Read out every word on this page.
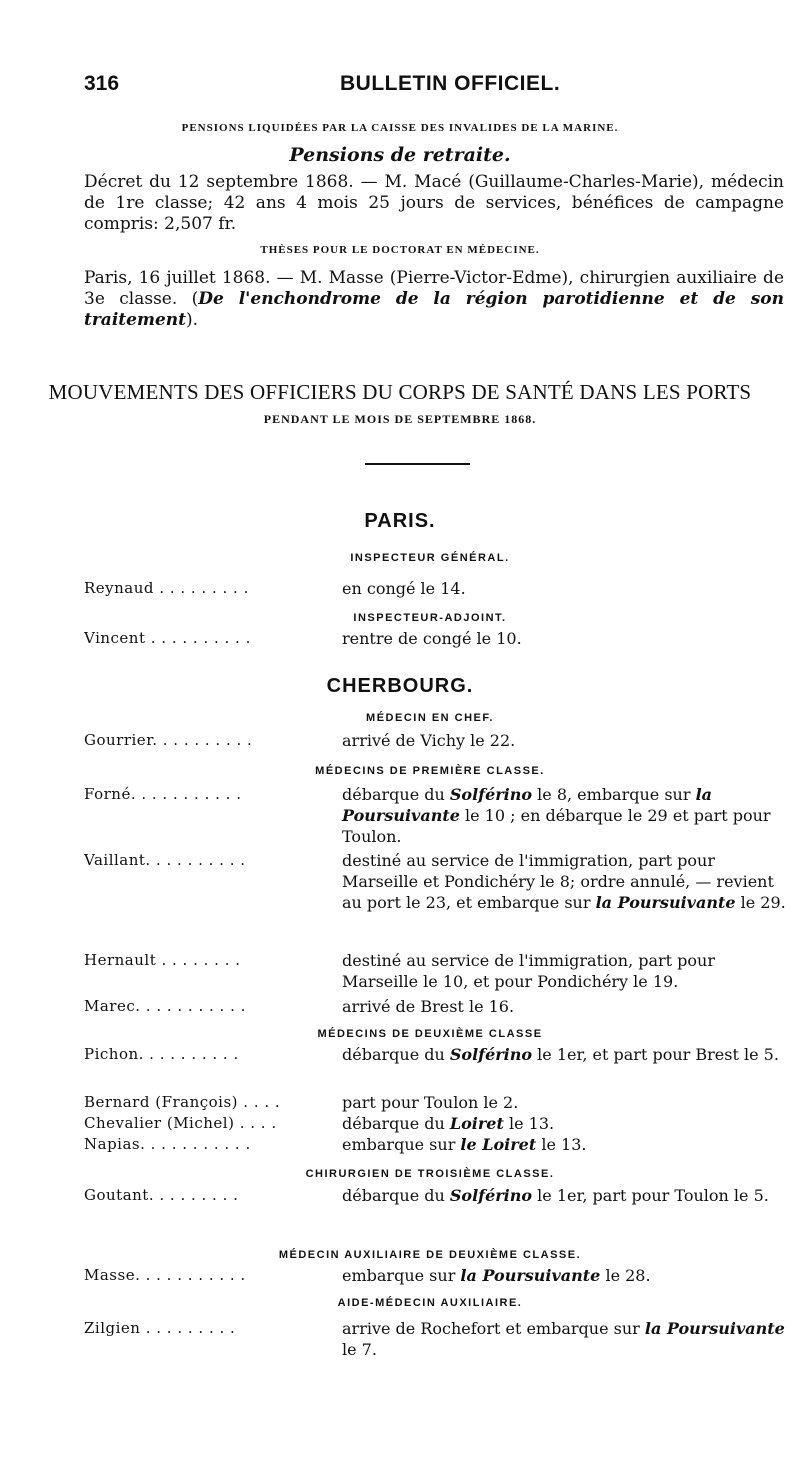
316	BULLETIN OFFICIEL.
PENSIONS LIQUIDÉES PAR LA CAISSE DES INVALIDES DE LA MARINE.
Pensions de retraite.
Décret du 12 septembre 1868. — M. Macé (Guillaume-Charles-Marie), médecin de 1re classe; 42 ans 4 mois 25 jours de services, bénéfices de campagne compris: 2,507 fr.
THÈSES POUR LE DOCTORAT EN MÉDECINE.
Paris, 16 juillet 1868. — M. Masse (Pierre-Victor-Edme), chirurgien auxiliaire de 3e classe. (De l'enchondrome de la région parotidienne et de son traitement).
MOUVEMENTS DES OFFICIERS DU CORPS DE SANTÉ DANS LES PORTS
PENDANT LE MOIS DE SEPTEMBRE 1868.
PARIS.
INSPECTEUR GÉNÉRAL.
Reynaud . . . . . . . . .	en congé le 14.
INSPECTEUR-ADJOINT.
Vincent . . . . . . . . . .	rentre de congé le 10.
CHERBOURG.
MÉDECIN EN CHEF.
Gourrier. . . . . . . . . .	arrivé de Vichy le 22.
MÉDECINS DE PREMIÈRE CLASSE.
Forné. . . . . . . . . . .	débarque du Solférino le 8, embarque sur la Poursuivante le 10 ; en débarque le 29 et part pour Toulon.
Vaillant. . . . . . . . . .	destiné au service de l'immigration, part pour Marseille et Pondichéry le 8; ordre annulé, — revient au port le 23, et embarque sur la Poursuivante le 29.
Hernault . . . . . . . .	destiné au service de l'immigration, part pour Marseille le 10, et pour Pondichéry le 19.
Marec. . . . . . . . . . .	arrivé de Brest le 16.
MÉDECINS DE DEUXIÈME CLASSE
Pichon. . . . . . . . . .	débarque du Solférino le 1er, et part pour Brest le 5.
Bernard (François) . . . .	part pour Toulon le 2.
Chevalier (Michel) . . . .	débarque du Loiret le 13.
Napias. . . . . . . . . . .	embarque sur le Loiret le 13.
CHIRURGIEN DE TROISIÈME CLASSE.
Goutant. . . . . . . . .	débarque du Solférino le 1er, part pour Toulon le 5.
MÉDECIN AUXILIAIRE DE DEUXIÈME CLASSE.
Masse. . . . . . . . . . .	embarque sur la Poursuivante le 28.
AIDE-MÉDECIN AUXILIAIRE.
Zilgien . . . . . . . . .	arrive de Rochefort et embarque sur la Poursuivante le 7.
